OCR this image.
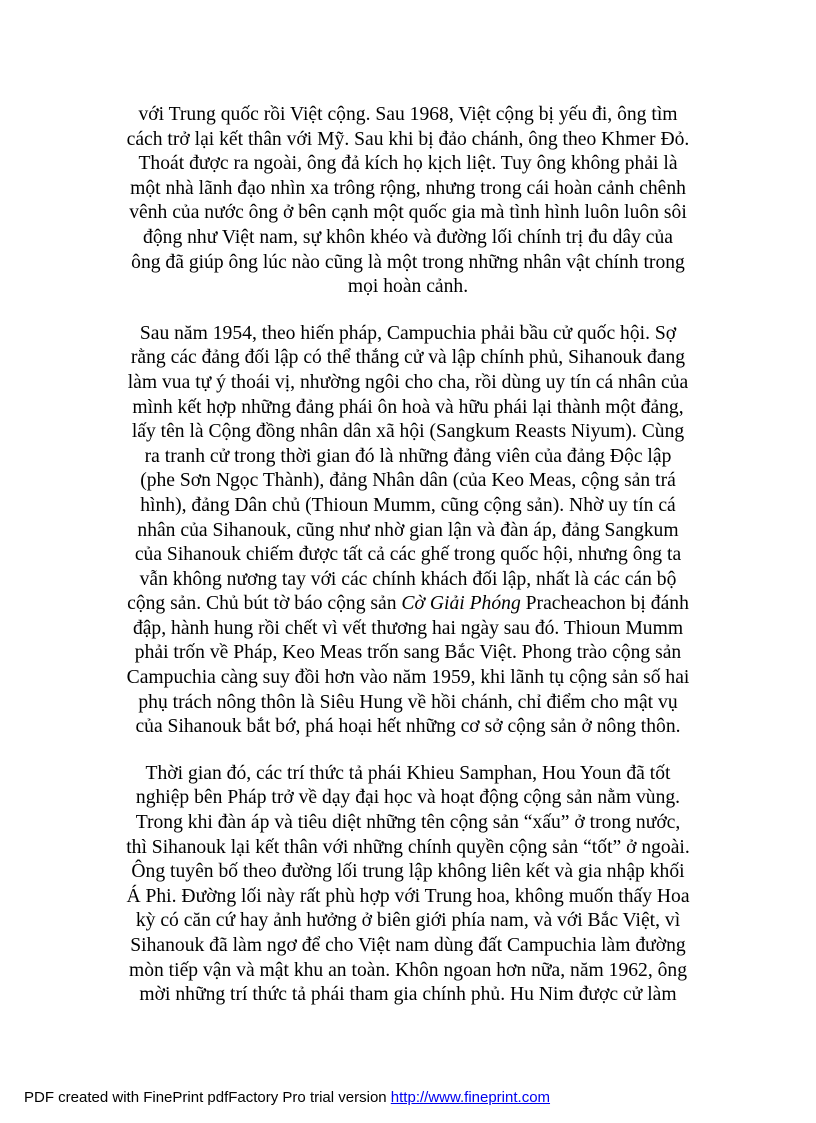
với Trung quốc rồi Việt cộng. Sau 1968, Việt cộng bị yếu đi, ông tìm
cách trở lại kết thân với Mỹ. Sau khi bị đảo chánh, ông theo Khmer Đỏ.
Thoát được ra ngoài, ông đả kích họ kịch liệt. Tuy ông không phải là
một nhà lãnh đạo nhìn xa trông rộng, nhưng trong cái hoàn cảnh chênh
vênh của nước ông ở bên cạnh một quốc gia mà tình hình luôn luôn sôi
động như Việt nam, sự khôn khéo và đường lối chính trị đu dây của
ông đã giúp ông lúc nào cũng là một trong những nhân vật chính trong
mọi hoàn cảnh.

Sau năm 1954, theo hiến pháp, Campuchia phải bầu cử quốc hội. Sợ
rằng các đảng đối lập có thể thắng cử và lập chính phủ, Sihanouk đang
làm vua tự ý thoái vị, nhường ngôi cho cha, rồi dùng uy tín cá nhân của
mình kết hợp những đảng phái ôn hoà và hữu phái lại thành một đảng,
lấy tên là Cộng đồng nhân dân xã hội (Sangkum Reasts Niyum). Cùng
ra tranh cử trong thời gian đó là những đảng viên của đảng Độc lập
(phe Sơn Ngọc Thành), đảng Nhân dân (của Keo Meas, cộng sản trá
hình), đảng Dân chủ (Thioun Mumm, cũng cộng sản). Nhờ uy tín cá
nhân của Sihanouk, cũng như nhờ gian lận và đàn áp, đảng Sangkum
của Sihanouk chiếm được tất cả các ghế trong quốc hội, nhưng ông ta
vẫn không nương tay với các chính khách đối lập, nhất là các cán bộ
cộng sản. Chủ bút tờ báo cộng sản Cờ Giải Phóng Pracheachon bị đánh
đập, hành hung rồi chết vì vết thương hai ngày sau đó. Thioun Mumm
phải trốn về Pháp, Keo Meas trốn sang Bắc Việt. Phong trào cộng sản
Campuchia càng suy đồi hơn vào năm 1959, khi lãnh tụ cộng sản số hai
phụ trách nông thôn là Siêu Hung về hồi chánh, chỉ điểm cho mật vụ
của Sihanouk bắt bớ, phá hoại hết những cơ sở cộng sản ở nông thôn.

Thời gian đó, các trí thức tả phái Khieu Samphan, Hou Youn đã tốt
nghiệp bên Pháp trở về dạy đại học và hoạt động cộng sản nằm vùng.
Trong khi đàn áp và tiêu diệt những tên cộng sản “xấu” ở trong nước,
thì Sihanouk lại kết thân với những chính quyền cộng sản “tốt” ở ngoài.
Ông tuyên bố theo đường lối trung lập không liên kết và gia nhập khối
Á Phi. Đường lối này rất phù hợp với Trung hoa, không muốn thấy Hoa
kỳ có căn cứ hay ảnh hưởng ở biên giới phía nam, và với Bắc Việt, vì
Sihanouk đã làm ngơ để cho Việt nam dùng đất Campuchia làm đường
mòn tiếp vận và mật khu an toàn. Khôn ngoan hơn nữa, năm 1962, ông
mời những trí thức tả phái tham gia chính phủ. Hu Nim được cử làm

PDF created with FinePrint pdfFactory Pro trial version http://www.fineprint.com
